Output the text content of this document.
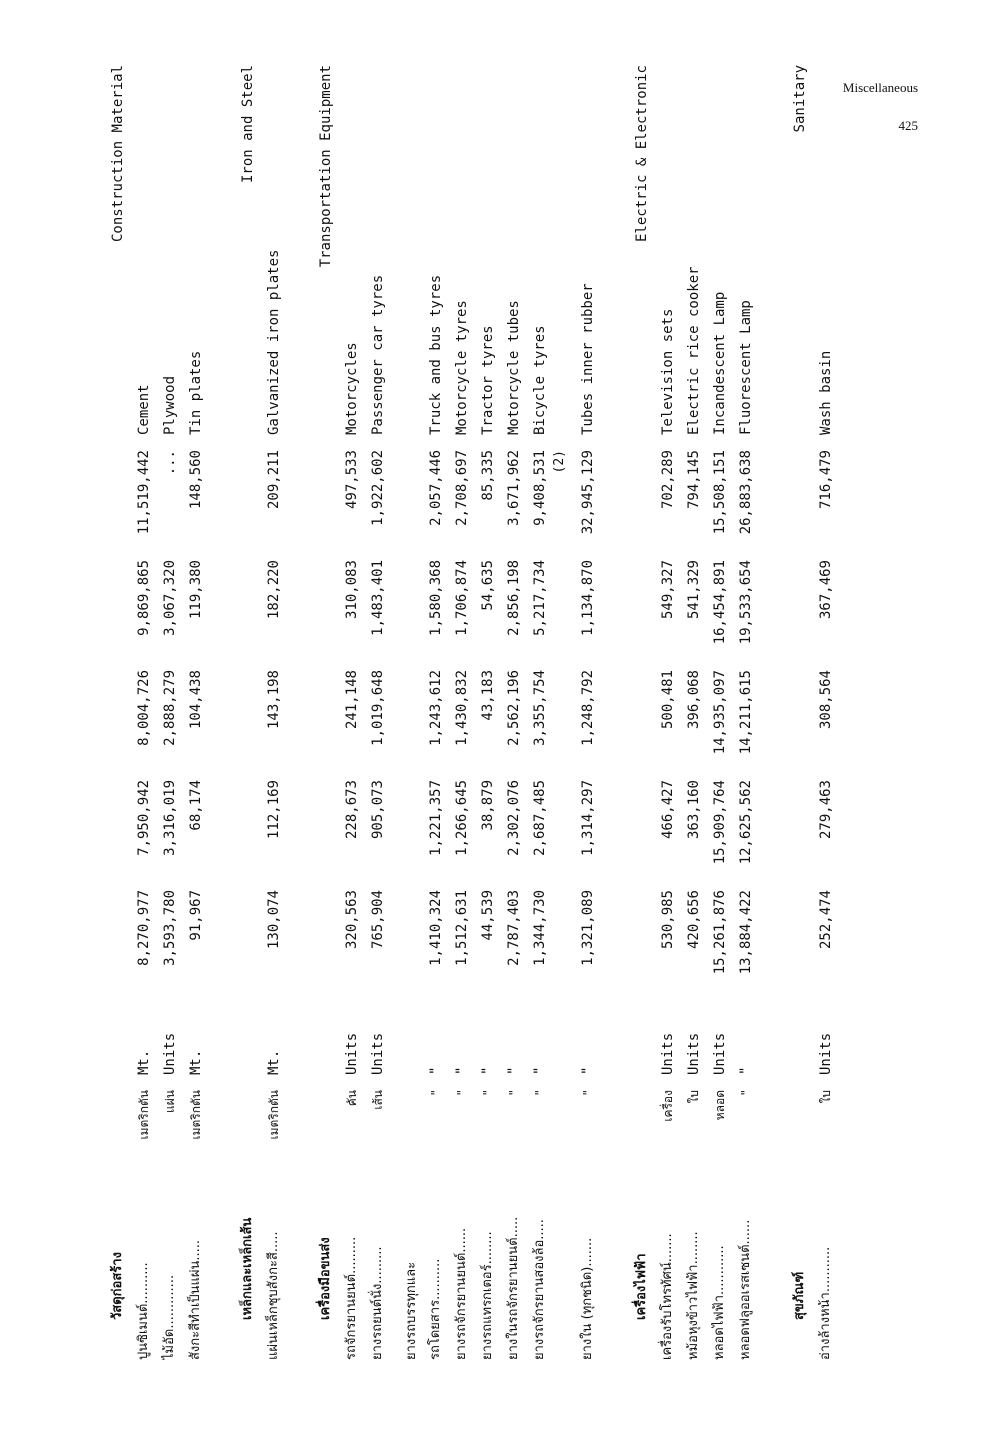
Miscellaneous
425
วัสดุก่อสร้าง
Construction Material
ปูนซิเมนต์..........
เมตริกตัน
Mt.
8,270,977
7,950,942
8,004,726
9,869,865
11,519,442
Cement
ไม้อัด.............
แผ่น
Units
3,593,780
3,316,019
2,888,279
3,067,320
...
Plywood
สังกะสีทำเป็นแผ่น.....
เมตริกตัน
Mt.
91,967
68,174
104,438
119,380
148,560
Tin plates
เหล็กและเหล็กเส้น
Iron and Steel
แผ่นเหล็กชุบสังกะสี.....
เมตริกตัน
Mt.
130,074
112,169
143,198
182,220
209,211
Galvanized iron plates
เครื่องมือขนส่ง
Transportation Equipment
รถจักรยานยนต์.........
คัน
Units
320,563
228,673
241,148
310,083
497,533
Motorcycles
ยางรถยนต์นั่ง.........
เส้น
Units
765,904
905,073
1,019,648
1,483,401
1,922,602
Passenger car tyres
ยางรถบรรทุกและ รถโดยสาร..........
"
"
1,410,324
1,221,357
1,243,612
1,580,368
2,057,446
Truck and bus tyres
ยางรถจักรยานยนต์......
"
"
1,512,631
1,266,645
1,430,832
1,706,874
2,708,697
Motorcycle tyres
ยางรถแทรกเตอร์........
"
"
44,539
38,879
43,183
54,635
85,335
Tractor tyres
ยางในรถจักรยานยนต์.....
"
"
2,787,403
2,302,076
2,562,196
2,856,198
3,671,962
Motorcycle tubes
ยางรถจักรยานสองล้อ.....
"
"
1,344,730
2,687,485
3,355,754
5,217,734
9,408,531
Bicycle tyres
(2)
ยางใน (ทุกชนิด).......
"
"
1,321,089
1,314,297
1,248,792
1,134,870
32,945,129
Tubes inner rubber
เครื่องไฟฟ้า
Electric & Electronic
เครื่องรับโทรทัศน์.......
เครื่อง
Units
530,985
466,427
500,481
549,327
702,289
Television sets
หม้อหุงข้าวไฟฟ้า........
ใบ
Units
420,656
363,160
396,068
541,329
794,145
Electric rice cooker
หลอดไฟฟ้า............
หลอด
Units
15,261,876
15,909,764
14,935,097
16,454,891
15,508,151
Incandescent Lamp
หลอดฟลูออเรสเซนต์......
"
"
13,884,422
12,625,562
14,211,615
19,533,654
26,883,638
Fluorescent Lamp
สุขภัณฑ์
Sanitary
อ่างล้างหน้า...........
ใบ
Units
252,474
279,463
308,564
367,469
716,479
Wash basin
